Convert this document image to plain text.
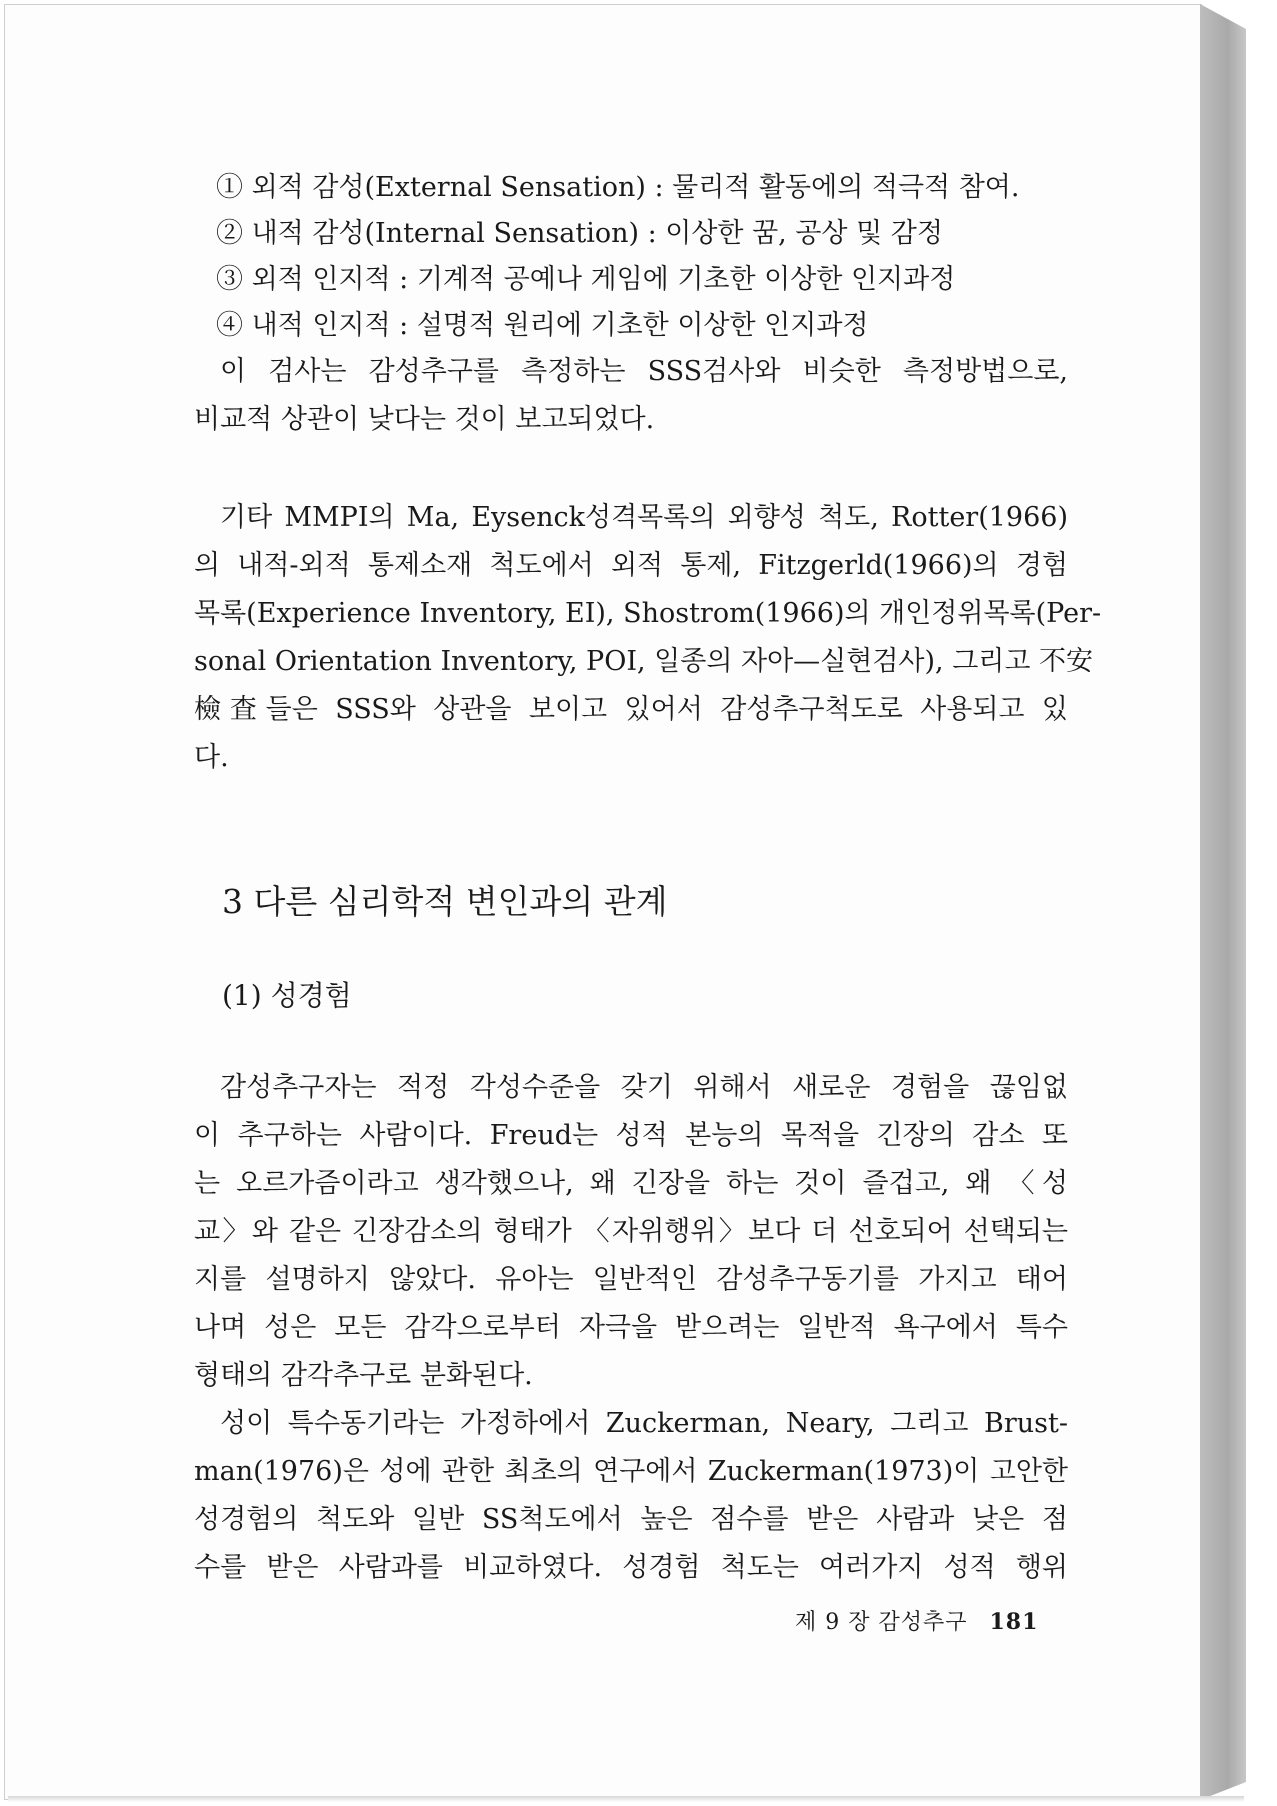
① 외적 감성(External Sensation) : 물리적 활동에의 적극적 참여.
② 내적 감성(Internal Sensation) : 이상한 꿈, 공상 및 감정
③ 외적 인지적 : 기계적 공예나 게임에 기초한 이상한 인지과정
④ 내적 인지적 : 설명적 원리에 기초한 이상한 인지과정
이 검사는 감성추구를 측정하는 SSS검사와 비슷한 측정방법으로,
비교적 상관이 낮다는 것이 보고되었다.
기타 MMPI의 Ma, Eysenck성격목록의 외향성 척도, Rotter(1966)
의 내적-외적 통제소재 척도에서 외적 통제, Fitzgerld(1966)의 경험
목록(Experience Inventory, EI), Shostrom(1966)의 개인정위목록(Per-
sonal Orientation Inventory, POI, 일종의 자아—실현검사), 그리고 不安
檢査들은 SSS와 상관을 보이고 있어서 감성추구척도로 사용되고 있
다.
3 다른 심리학적 변인과의 관계
(1) 성경험
감성추구자는 적정 각성수준을 갖기 위해서 새로운 경험을 끊임없
이 추구하는 사람이다. Freud는 성적 본능의 목적을 긴장의 감소 또
는 오르가즘이라고 생각했으나, 왜 긴장을 하는 것이 즐겁고, 왜 〈성
교〉와 같은 긴장감소의 형태가 〈자위행위〉보다 더 선호되어 선택되는
지를 설명하지 않았다. 유아는 일반적인 감성추구동기를 가지고 태어
나며 성은 모든 감각으로부터 자극을 받으려는 일반적 욕구에서 특수
형태의 감각추구로 분화된다.
성이 특수동기라는 가정하에서 Zuckerman, Neary, 그리고 Brust-
man(1976)은 성에 관한 최초의 연구에서 Zuckerman(1973)이 고안한
성경험의 척도와 일반 SS척도에서 높은 점수를 받은 사람과 낮은 점
수를 받은 사람과를 비교하였다. 성경험 척도는 여러가지 성적 행위
제 9 장 감성추구 181
